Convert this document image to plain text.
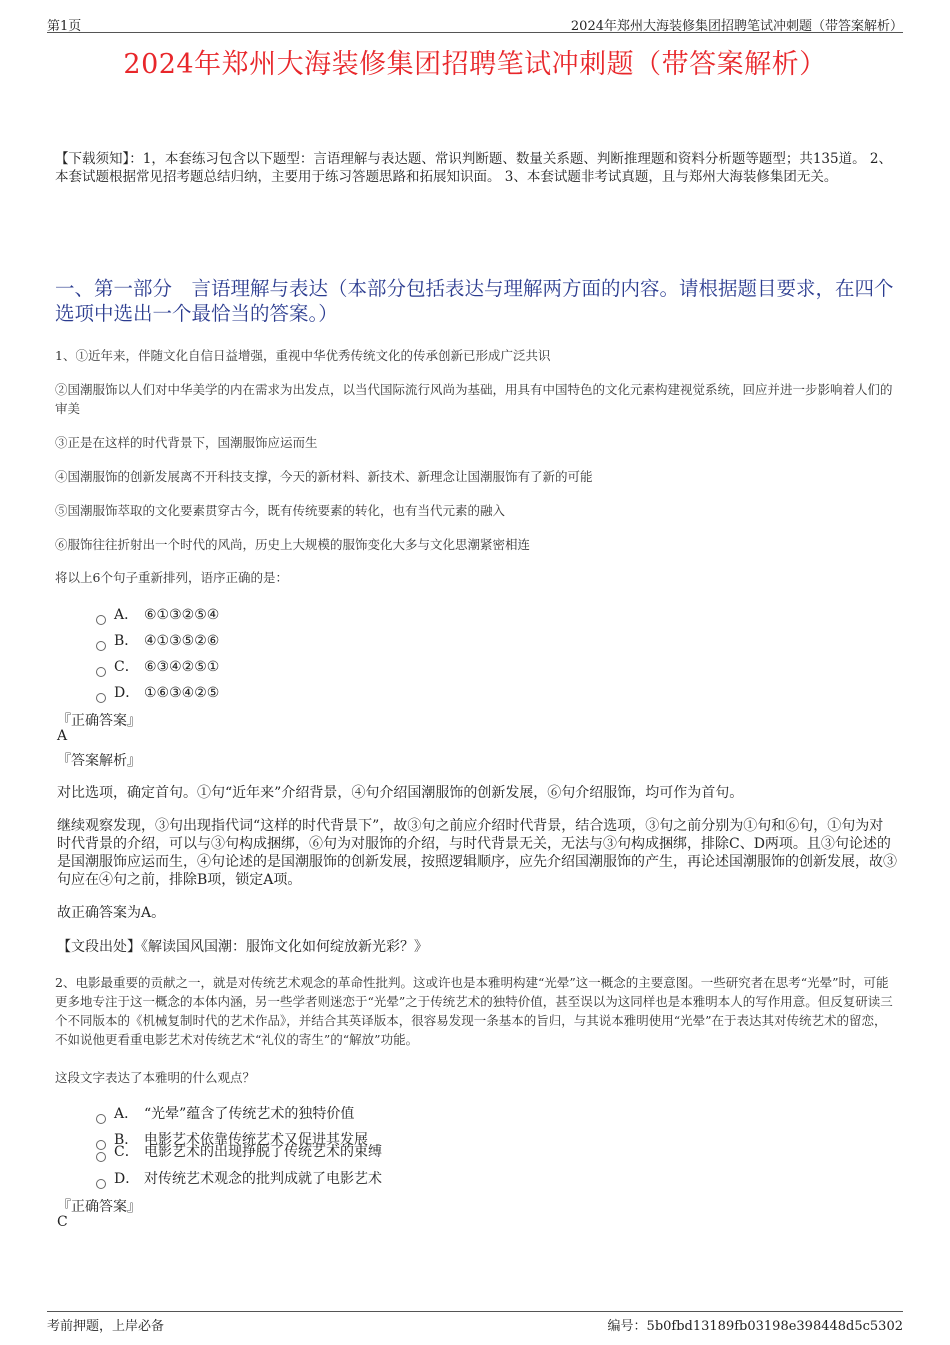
第1页	2024年郑州大海装修集团招聘笔试冲刺题（带答案解析）
2024年郑州大海装修集团招聘笔试冲刺题（带答案解析）
【下载须知】：1，本套练习包含以下题型：言语理解与表达题、常识判断题、数量关系题、判断推理题和资料分析题等题型；共135道。 2、本套试题根据常见招考题总结归纳，主要用于练习答题思路和拓展知识面。 3、本套试题非考试真题，且与郑州大海装修集团无关。
一、第一部分　言语理解与表达（本部分包括表达与理解两方面的内容。请根据题目要求，在四个选项中选出一个最恰当的答案。）
1、①近年来，伴随文化自信日益增强，重视中华优秀传统文化的传承创新已形成广泛共识
②国潮服饰以人们对中华美学的内在需求为出发点，以当代国际流行风尚为基础，用具有中国特色的文化元素构建视觉系统，回应并进一步影响着人们的审美
③正是在这样的时代背景下，国潮服饰应运而生
④国潮服饰的创新发展离不开科技支撑，今天的新材料、新技术、新理念让国潮服饰有了新的可能
⑤国潮服饰萃取的文化要素贯穿古今，既有传统要素的转化，也有当代元素的融入
⑥服饰往往折射出一个时代的风尚，历史上大规模的服饰变化大多与文化思潮紧密相连
将以上6个句子重新排列，语序正确的是：
A． ⑥①③②⑤④
B． ④①③⑤②⑥
C． ⑥③④②⑤①
D． ①⑥③④②⑤
『正确答案』
A
『答案解析』
对比选项，确定首句。①句“近年来”介绍背景，④句介绍国潮服饰的创新发展，⑥句介绍服饰，均可作为首句。
继续观察发现，③句出现指代词“这样的时代背景下”，故③句之前应介绍时代背景，结合选项，③句之前分别为①句和⑥句，①句为对时代背景的介绍，可以与③句构成捆绑，⑥句为对服饰的介绍，与时代背景无关，无法与③句构成捆绑，排除C、D两项。且③句论述的是国潮服饰应运而生，④句论述的是国潮服饰的创新发展，按照逻辑顺序，应先介绍国潮服饰的产生，再论述国潮服饰的创新发展，故③句应在④句之前，排除B项，锁定A项。
故正确答案为A。
【文段出处】《解读国风国潮：服饰文化如何绽放新光彩？》
2、电影最重要的贡献之一，就是对传统艺术观念的革命性批判。这或许也是本雅明构建“光晕”这一概念的主要意图。一些研究者在思考“光晕”时，可能更多地专注于这一概念的本体内涵，另一些学者则迷恋于“光晕”之于传统艺术的独特价值，甚至误以为这同样也是本雅明本人的写作用意。但反复研读三个不同版本的《机械复制时代的艺术作品》，并结合其英译版本，很容易发现一条基本的旨归，与其说本雅明使用“光晕”在于表达其对传统艺术的留恋，不如说他更看重电影艺术对传统艺术“礼仪的寄生”的“解放”功能。
这段文字表达了本雅明的什么观点？
A． “光晕”蕴含了传统艺术的独特价值
B． 电影艺术依靠传统艺术又促进其发展
C． 电影艺术的出现挣脱了传统艺术的束缚
D． 对传统艺术观念的批判成就了电影艺术
『正确答案』
C
考前押题，上岸必备	编号：5b0fbd13189fb03198e398448d5c5302
